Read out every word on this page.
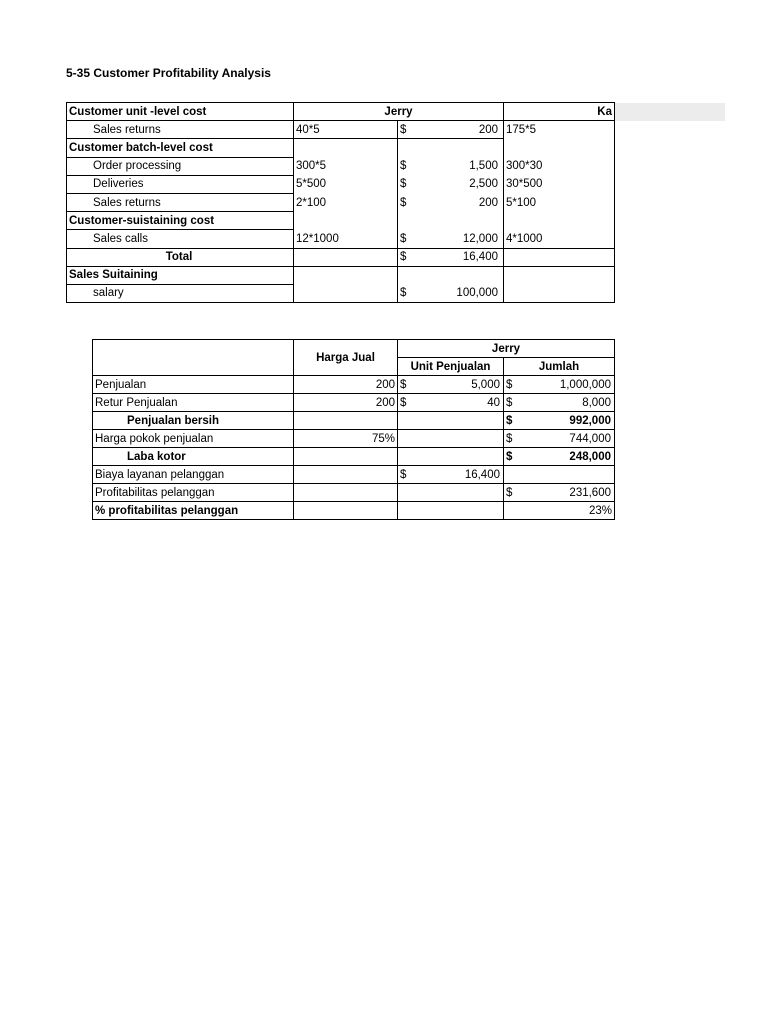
5-35 Customer Profitability Analysis
Customer unit -level cost	Jerry		Ka	
Sales returns	40*5	$ 200	175*5	
Customer batch-level cost				
Order processing	300*5	$ 1,500	300*30	
Deliveries	5*500	$ 2,500	30*500	
Sales returns	2*100	$ 200	5*100	
Customer-suistaining cost				
Sales calls	12*1000	$ 12,000	4*1000	
Total		$ 16,400		
Sales Suitaining				
salary		$ 100,000		
	Harga Jual	Jerry	
		Unit Penjualan	Jumlah
Penjualan	200	$ 5,000	$ 1,000,000
Retur Penjualan	200	$ 40	$ 8,000
Penjualan bersih			$ 992,000
Harga pokok penjualan	75%		$ 744,000
Laba kotor			$ 248,000
Biaya layanan pelanggan		$ 16,400	
Profitabilitas pelanggan			$ 231,600
% profitabilitas pelanggan			23%
